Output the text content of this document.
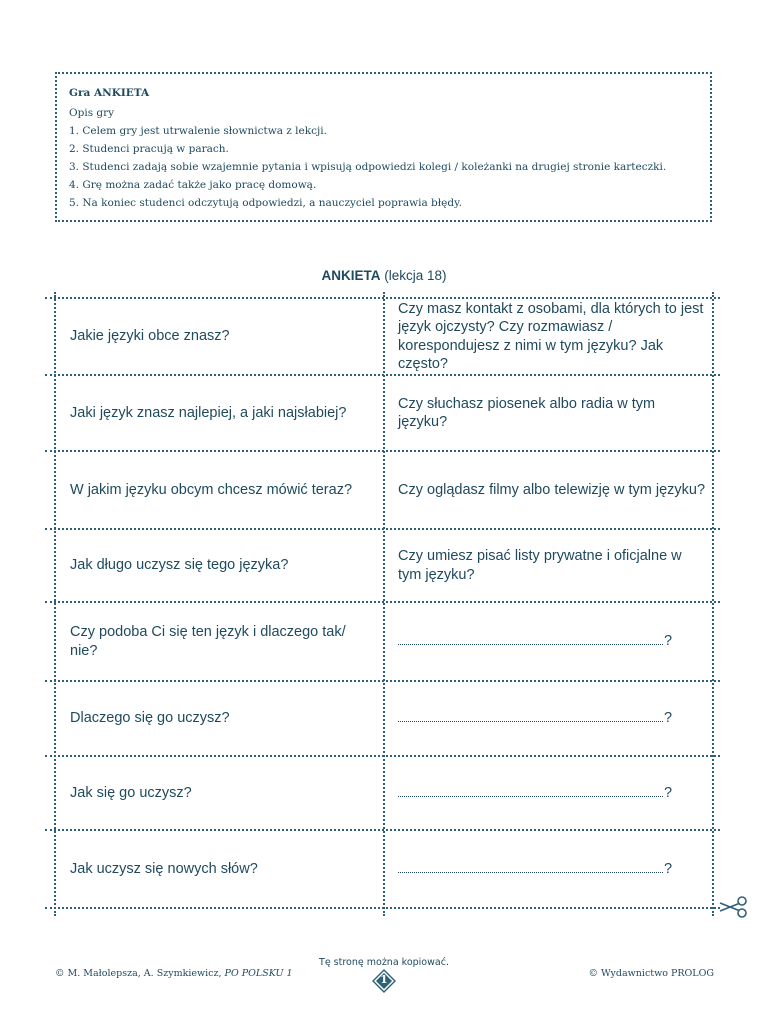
Gra ANKIETA
Opis gry
1. Celem gry jest utrwalenie słownictwa z lekcji.
2. Studenci pracują w parach.
3. Studenci zadają sobie wzajemnie pytania i wpisują odpowiedzi kolegi / koleżanki na drugiej stronie karteczki.
4. Grę można zadać także jako pracę domową.
5. Na koniec studenci odczytują odpowiedzi, a nauczyciel poprawia błędy.
ANKIETA (lekcja 18)
Jakie języki obce znasz?
Jaki język znasz najlepiej, a jaki najsłabiej?
W jakim języku obcym chcesz mówić teraz?
Jak długo uczysz się tego języka?
Czy podoba Ci się ten język i dlaczego tak/ nie?
Dlaczego się go uczysz?
Jak się go uczysz?
Jak uczysz się nowych słów?
Czy masz kontakt z osobami, dla których to jest język ojczysty? Czy rozmawiasz / korespondujesz z nimi w tym języku? Jak często?
Czy słuchasz piosenek albo radia w tym języku?
Czy oglądasz filmy albo telewizję w tym języku?
Czy umiesz pisać listy prywatne i oficjalne w tym języku?
?
?
?
?
Tę stronę można kopiować.
© M. Małolepsza, A. Szymkiewicz, PO POLSKU 1	© Wydawnictwo PROLOG
1
